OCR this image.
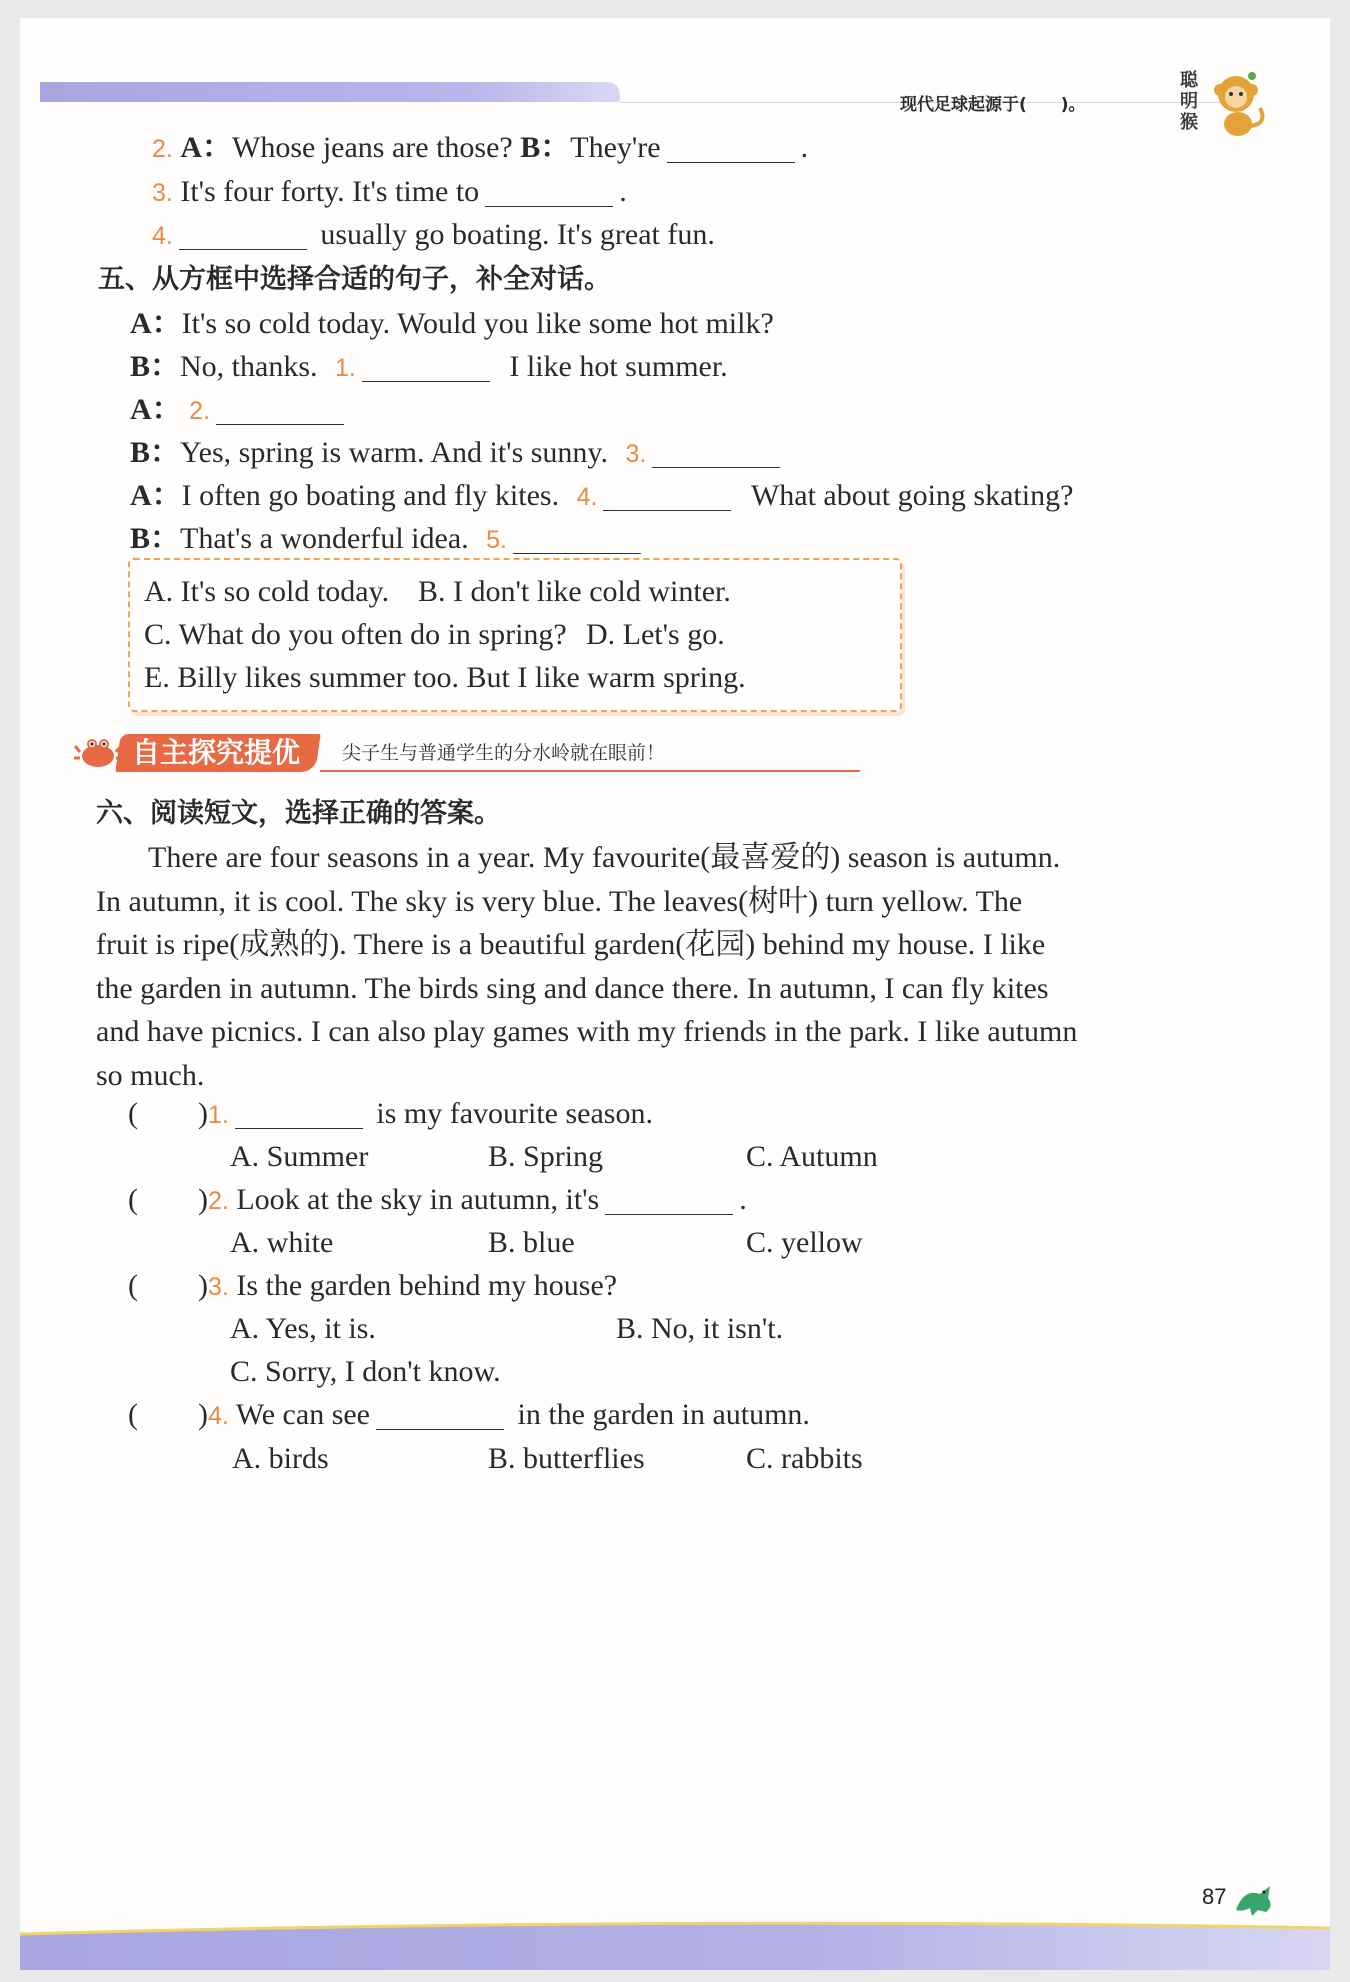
现代足球起源于(　　)。
聪明猴
2. A：Whose jeans are those? B：They're	.
3. It's four forty. It's time to	.
4.	usually go boating. It's great fun.
五、从方框中选择合适的句子，补全对话。
A：It's so cold today. Would you like some hot milk?
B：No, thanks. 1.	I like hot summer.
A： 2.
B：Yes, spring is warm. And it's sunny. 3.
A：I often go boating and fly kites. 4.	What about going skating?
B：That's a wonderful idea. 5.
A. It's so cold today. B. I don't like cold winter.
C. What do you often do in spring? D. Let's go.
E. Billy likes summer too. But I like warm spring.
自主探究提优 尖子生与普通学生的分水岭就在眼前！
六、阅读短文，选择正确的答案。
There are four seasons in a year. My favourite(最喜爱的) season is autumn.
In autumn, it is cool. The sky is very blue. The leaves(树叶) turn yellow. The
fruit is ripe(成熟的). There is a beautiful garden(花园) behind my house. I like
the garden in autumn. The birds sing and dance there. In autumn, I can fly kites
and have picnics. I can also play games with my friends in the park. I like autumn
so much.
(　　)1.	is my favourite season.
A. Summer	B. Spring	C. Autumn
(　　)2. Look at the sky in autumn, it's	.
A. white	B. blue	C. yellow
(　　)3. Is the garden behind my house?
A. Yes, it is.	B. No, it isn't.
C. Sorry, I don't know.
(　　)4. We can see	in the garden in autumn.
A. birds	B. butterflies	C. rabbits
87
